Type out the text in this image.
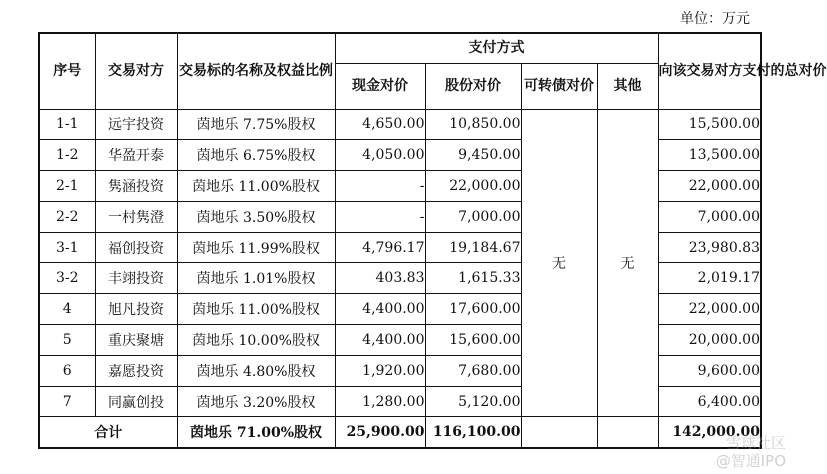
单位：万元
序号	交易对方	交易标的名称及权益比例	支付方式				向该交易对方支付的总对价
			现金对价	股份对价	可转债对价	其他	
1-1	远宇投资	茵地乐 7.75%股权	4,650.00	10,850.00	无	无	15,500.00
1-2	华盈开泰	茵地乐 6.75%股权	4,050.00	9,450.00			13,500.00
2-1	隽涵投资	茵地乐 11.00%股权	-	22,000.00			22,000.00
2-2	一村隽澄	茵地乐 3.50%股权	-	7,000.00			7,000.00
3-1	福创投资	茵地乐 11.99%股权	4,796.17	19,184.67			23,980.83
3-2	丰翊投资	茵地乐 1.01%股权	403.83	1,615.33			2,019.17
4	旭凡投资	茵地乐 11.00%股权	4,400.00	17,600.00			22,000.00
5	重庆聚塘	茵地乐 10.00%股权	4,400.00	15,600.00			20,000.00
6	嘉愿投资	茵地乐 4.80%股权	1,920.00	7,680.00			9,600.00
7	同赢创投	茵地乐 3.20%股权	1,280.00	5,120.00			6,400.00
合计		茵地乐 71.00%股权	25,900.00	116,100.00			142,000.00
雪球社区
@智通IPO
